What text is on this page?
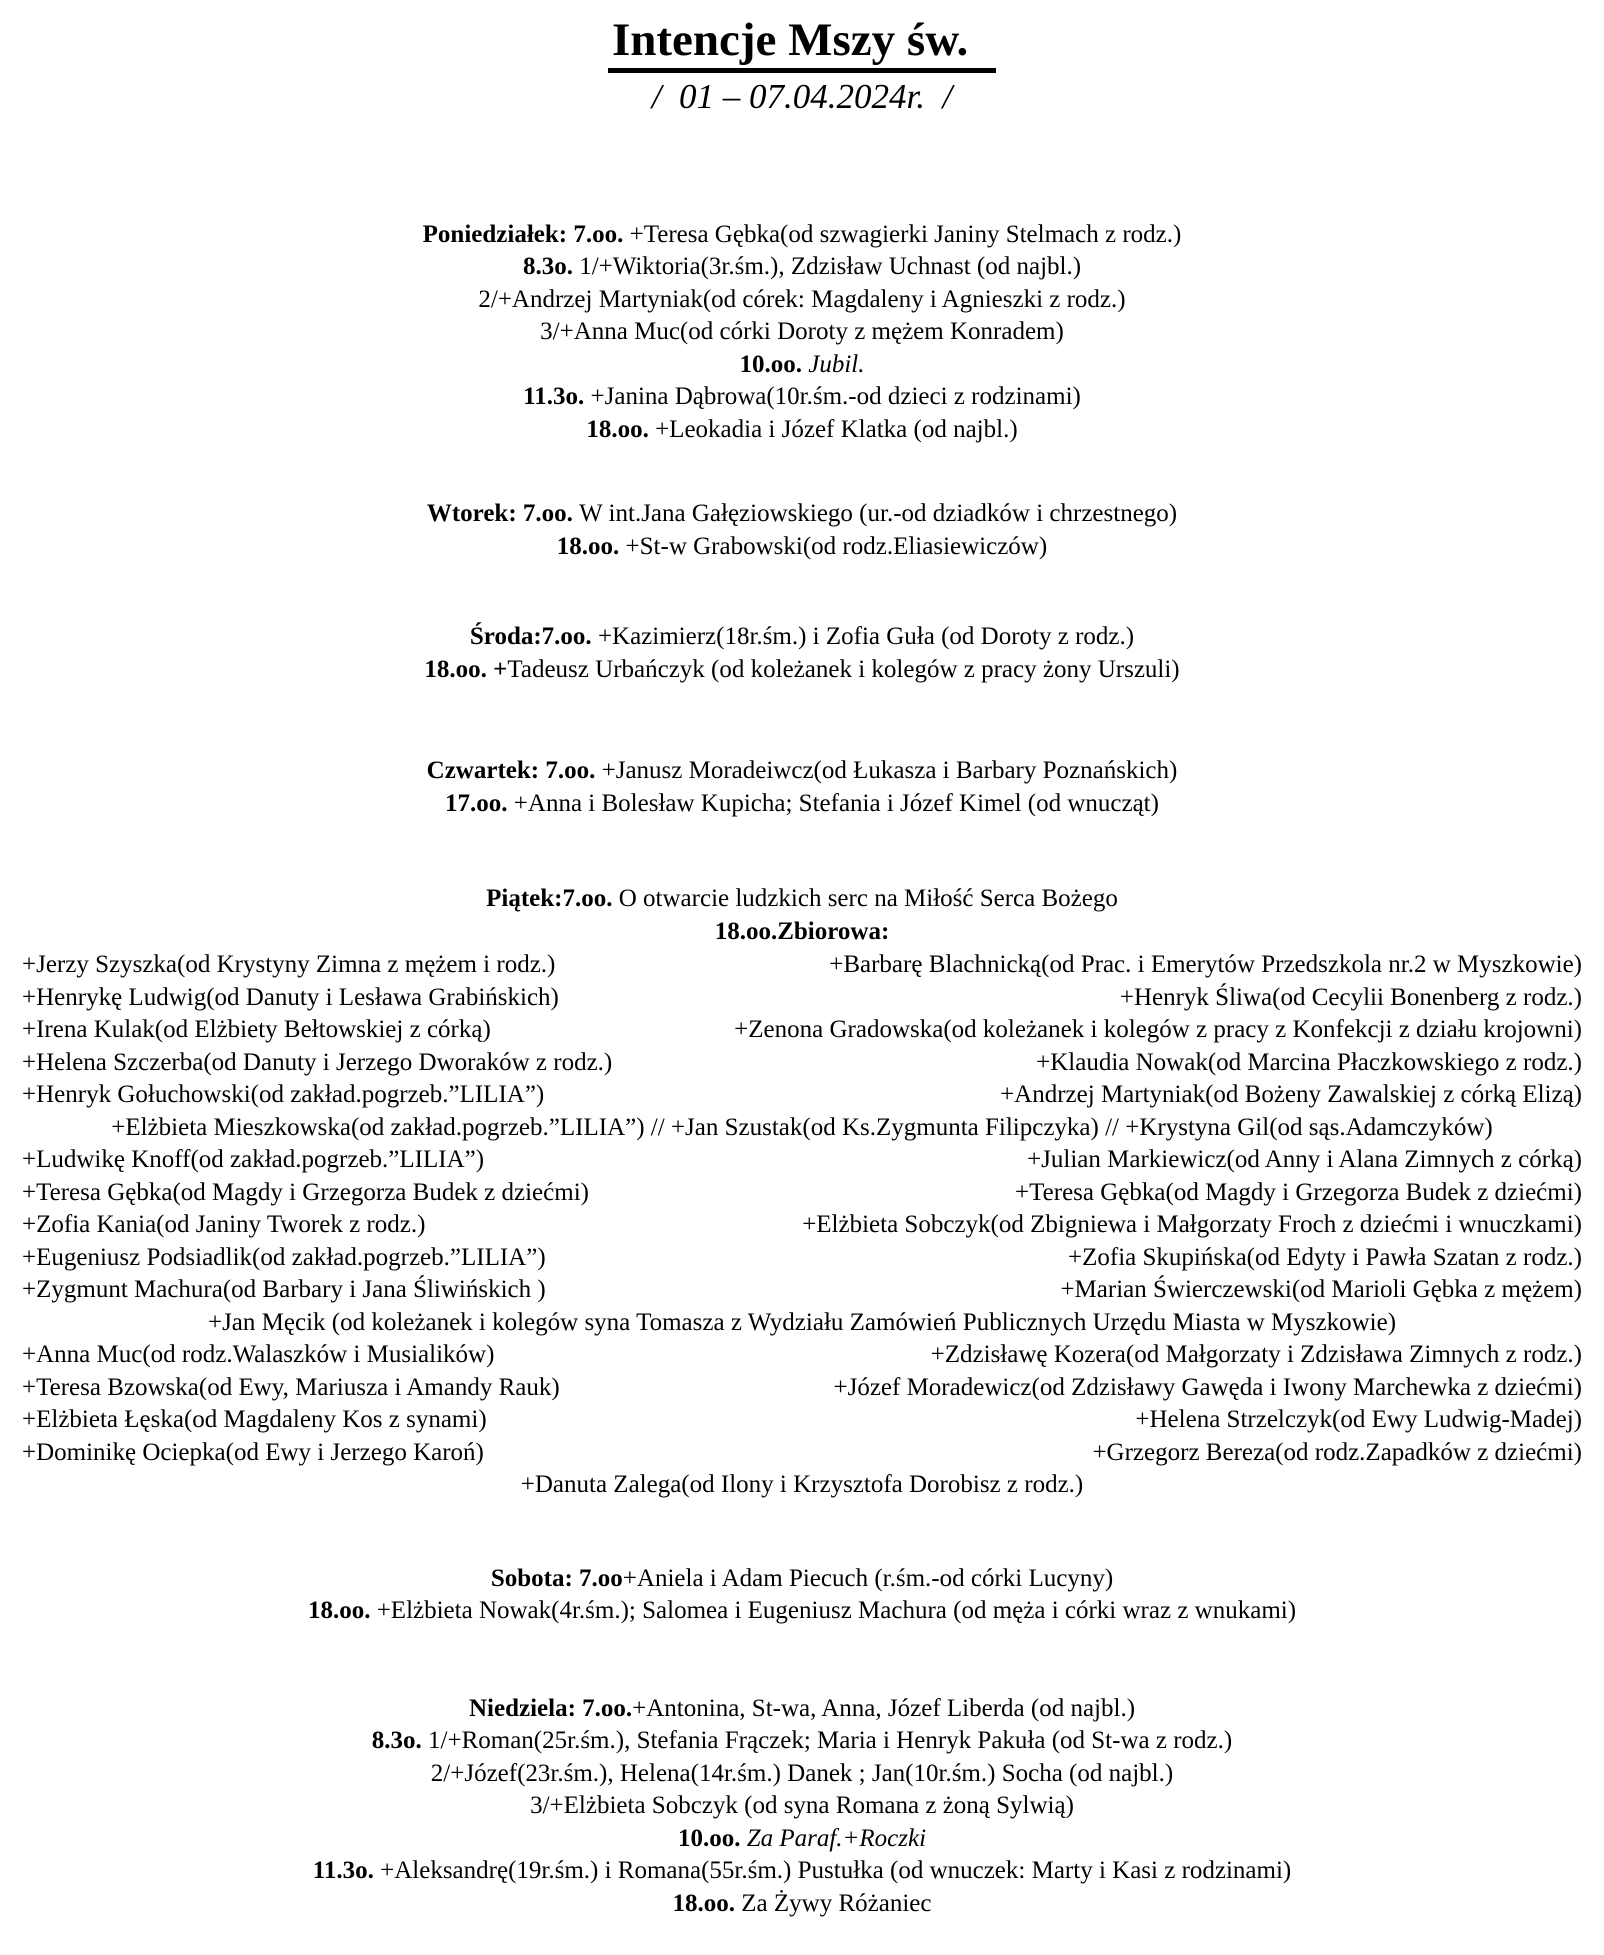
Intencje Mszy św.
/  01 – 07.04.2024r.  /
Poniedziałek: 7.oo. +Teresa Gębka(od szwagierki Janiny Stelmach z rodz.)
8.3o. 1/+Wiktoria(3r.śm.), Zdzisław Uchnast (od najbl.)
2/+Andrzej Martyniak(od córek: Magdaleny i Agnieszki z rodz.)
3/+Anna Muc(od córki Doroty z mężem Konradem)
10.oo. Jubil.
11.3o. +Janina Dąbrowa(10r.śm.-od dzieci z rodzinami)
18.oo. +Leokadia i Józef Klatka (od najbl.)
Wtorek: 7.oo. W int.Jana Gałęziowskiego (ur.-od dziadków i chrzestnego)
18.oo. +St-w Grabowski(od rodz.Eliasiewiczów)
Środa:7.oo. +Kazimierz(18r.śm.) i Zofia Guła (od Doroty z rodz.)
18.oo. +Tadeusz Urbańczyk (od koleżanek i kolegów z pracy żony Urszuli)
Czwartek: 7.oo. +Janusz Moradeiwcz(od Łukasza i Barbary Poznańskich)
17.oo. +Anna i Bolesław Kupicha; Stefania i Józef Kimel (od wnucząt)
Piątek:7.oo. O otwarcie ludzkich serc na Miłość Serca Bożego
18.oo.Zbiorowa:
+Jerzy Szyszka(od Krystyny Zimna z mężem i rodz.)	+Barbarę Blachnicką(od Prac. i Emerytów Przedszkola nr.2 w Myszkowie)
+Henrykę Ludwig(od Danuty i Lesława Grabińskich)	+Henryk Śliwa(od Cecylii Bonenberg z rodz.)
+Irena Kulak(od Elżbiety Bełtowskiej z córką)	+Zenona Gradowska(od koleżanek i kolegów z pracy z Konfekcji z działu krojowni)
+Helena Szczerba(od Danuty i Jerzego Dworaków z rodz.)	+Klaudia Nowak(od Marcina Płaczkowskiego z rodz.)
+Henryk Gołuchowski(od zakład.pogrzeb.”LILIA”)	+Andrzej Martyniak(od Bożeny Zawalskiej z córką Elizą)
+Elżbieta Mieszkowska(od zakład.pogrzeb.”LILIA”) // +Jan Szustak(od Ks.Zygmunta Filipczyka) // +Krystyna Gil(od sąs.Adamczyków)
+Ludwikę Knoff(od zakład.pogrzeb.”LILIA”)	+Julian Markiewicz(od Anny i Alana Zimnych z córką)
+Teresa Gębka(od Magdy i Grzegorza Budek z dziećmi)	+Teresa Gębka(od Magdy i Grzegorza Budek z dziećmi)
+Zofia Kania(od Janiny Tworek z rodz.)	+Elżbieta Sobczyk(od Zbigniewa i Małgorzaty Froch z dziećmi i wnuczkami)
+Eugeniusz Podsiadlik(od zakład.pogrzeb.”LILIA”)	+Zofia Skupińska(od Edyty i Pawła Szatan z rodz.)
+Zygmunt Machura(od Barbary i Jana Śliwińskich )	+Marian Świerczewski(od Marioli Gębka z mężem)
+Jan Męcik (od koleżanek i kolegów syna Tomasza z Wydziału Zamówień Publicznych Urzędu Miasta w Myszkowie)
+Anna Muc(od rodz.Walaszków i Musialików)	+Zdzisławę Kozera(od Małgorzaty i Zdzisława Zimnych z rodz.)
+Teresa Bzowska(od Ewy, Mariusza i Amandy Rauk)	+Józef Moradewicz(od Zdzisławy Gawęda i Iwony Marchewka z dziećmi)
+Elżbieta Łęska(od Magdaleny Kos z synami)	+Helena Strzelczyk(od Ewy Ludwig-Madej)
+Dominikę Ociepka(od Ewy i Jerzego Karoń)	+Grzegorz Bereza(od rodz.Zapadków z dziećmi)
+Danuta Zalega(od Ilony i Krzysztofa Dorobisz z rodz.)
Sobota: 7.oo+Aniela i Adam Piecuch (r.śm.-od córki Lucyny)
18.oo. +Elżbieta Nowak(4r.śm.); Salomea i Eugeniusz Machura (od męża i córki wraz z wnukami)
Niedziela: 7.oo.+Antonina, St-wa, Anna, Józef Liberda (od najbl.)
8.3o. 1/+Roman(25r.śm.), Stefania Frączek; Maria i Henryk Pakuła (od St-wa z rodz.)
2/+Józef(23r.śm.), Helena(14r.śm.) Danek ; Jan(10r.śm.) Socha (od najbl.)
3/+Elżbieta Sobczyk (od syna Romana z żoną Sylwią)
10.oo. Za Paraf.+Roczki
11.3o. +Aleksandrę(19r.śm.) i Romana(55r.śm.) Pustułka (od wnuczek: Marty i Kasi z rodzinami)
18.oo. Za Żywy Różaniec
